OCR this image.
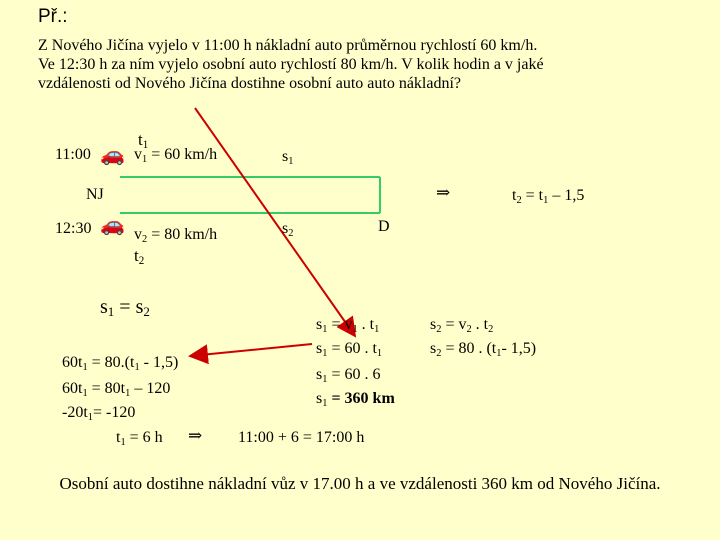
Př.:
Z Nového Jičína vyjelo v 11:00 h nákladní auto průměrnou rychlostí 60 km/h.
Ve 12:30 h za ním vyjelo osobní auto rychlostí 80 km/h. V kolik hodin a v jaké
vzdálenosti od Nového Jičína dostihne osobní auto auto nákladní?
11:00 🚗
$t_1$
$v_1 = 60$ km/h	$s_1$
NJ	⇒	$t_2 = t_1 - 1,5$
12:30 🚗 $v_2 = 80$ km/h
$t_2$
$s_2$	D
$s_1 = s_2$
$60t_1 = 80.(t_1 - 1,5)$
$60t_1 = 80t_1 - 120$
$-20t_1= -120$
$t_1 = 6$ h ⇒ 11:00 + 6 = 17:00 h
$s_1 = v_1$ . $t_1$
$s_1 = 60$ . $t_1$
$s_1 = 60$ . 6
$s_1 = 360$ km
$s_2 = v_2$ . $t_2$
$s_2 = 80$ . ($t_1-$ 1,5)
Osobní auto dostihne nákladní vůz v 17.00 h a ve vzdálenosti 360 km od Nového Jičína.
